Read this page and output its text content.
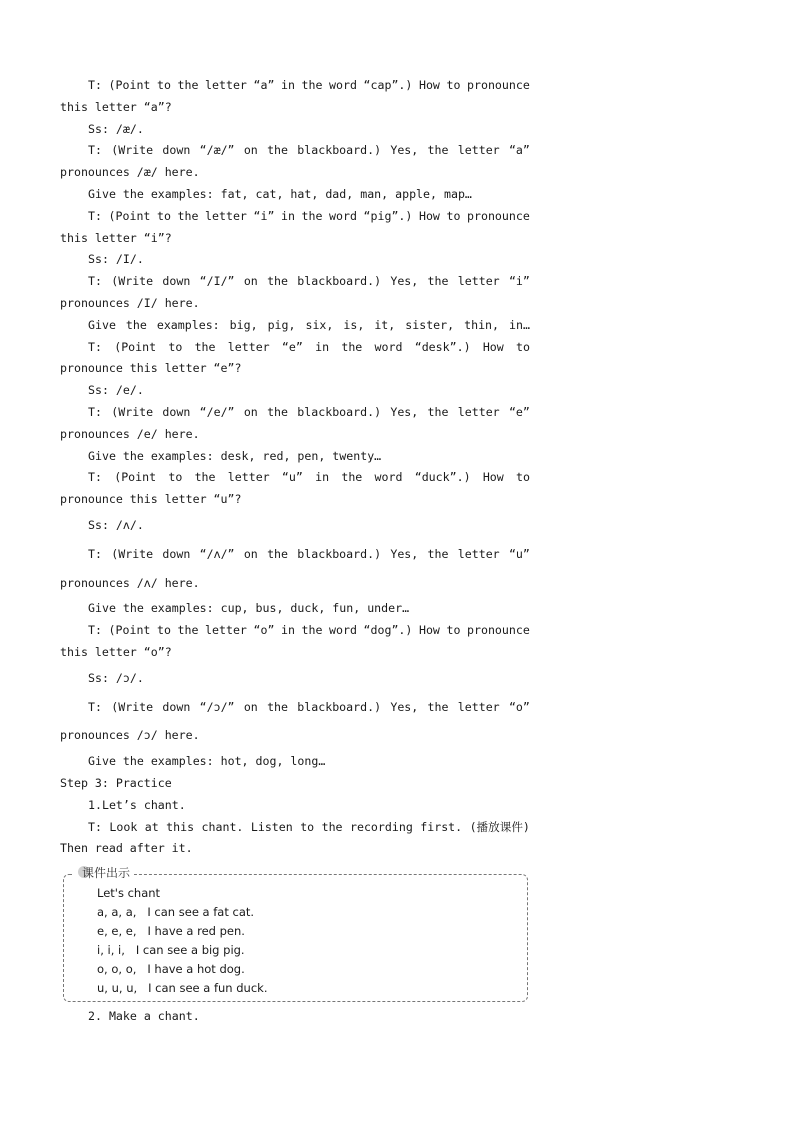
T: (Point to the letter “a” in the word “cap”.) How to pronounce
this letter “a”?
Ss: /æ/.
T: (Write down “/æ/” on the blackboard.) Yes, the letter “a”
pronounces /æ/ here.
Give the examples: fat, cat, hat, dad, man, apple, map…
T: (Point to the letter “i” in the word “pig”.) How to pronounce
this letter “i”?
Ss: /I/.
T: (Write down “/I/” on the blackboard.) Yes, the letter “i”
pronounces /I/ here.
Give the examples: big, pig, six, is, it, sister, thin, in…
T: (Point to the letter “e” in the word “desk”.) How to
pronounce this letter “e”?
Ss: /e/.
T: (Write down “/e/” on the blackboard.) Yes, the letter “e”
pronounces /e/ here.
Give the examples: desk, red, pen, twenty…
T: (Point to the letter “u” in the word “duck”.) How to
pronounce this letter “u”?
Ss: /ʌ/.
T: (Write down “/ʌ/” on the blackboard.) Yes, the letter “u”
pronounces /ʌ/ here.
Give the examples: cup, bus, duck, fun, under…
T: (Point to the letter “o” in the word “dog”.) How to pronounce
this letter “o”?
Ss: /ɔ/.
T: (Write down “/ɔ/” on the blackboard.) Yes, the letter “o”
pronounces /ɔ/ here.
Give the examples: hot, dog, long…
Step 3: Practice
1.Let’s chant.
T: Look at this chant. Listen to the recording first. (播放课件)
Then read after it.
课件出示
Let's chant
a, a, a,   I can see a fat cat.
e, e, e,   I have a red pen.
i, i, i,   I can see a big pig.
o, o, o,   I have a hot dog.
u, u, u,   I can see a fun duck.
2. Make a chant.
